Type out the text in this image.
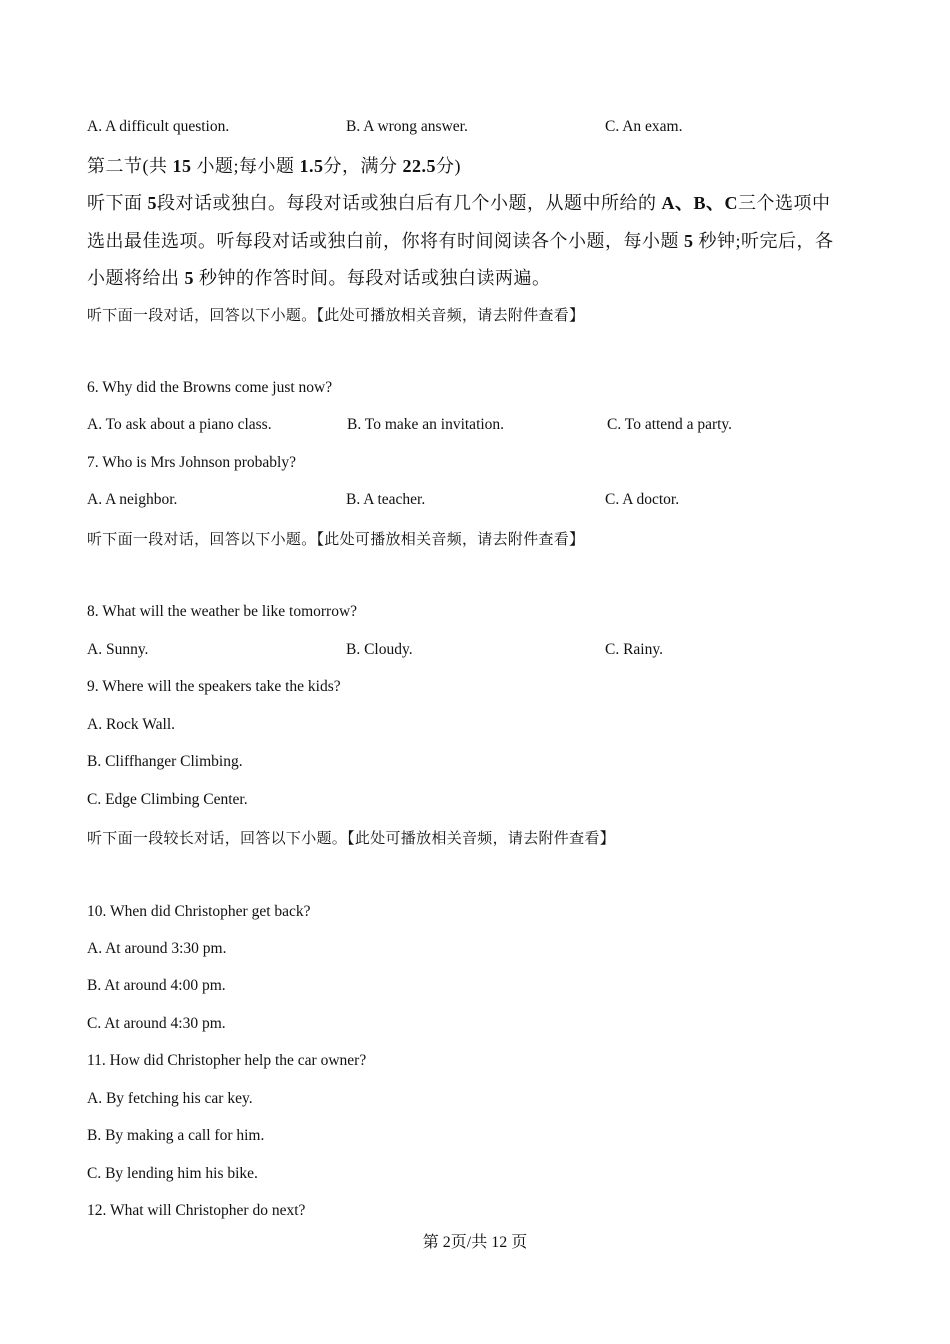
A. A difficult question.	B. A wrong answer.	C. An exam.
第二节(共 15 小题;每小题 1.5分，满分 22.5分)
听下面 5段对话或独白。每段对话或独白后有几个小题，从题中所给的 A、B、C三个选项中
选出最佳选项。听每段对话或独白前，你将有时间阅读各个小题，每小题 5 秒钟;听完后，各
小题将给出 5 秒钟的作答时间。每段对话或独白读两遍。
听下面一段对话，回答以下小题。【此处可播放相关音频，请去附件查看】
6. Why did the Browns come just now?
A. To ask about a piano class.	B. To make an invitation.	C. To attend a party.
7. Who is Mrs Johnson probably?
A. A neighbor.	B. A teacher.	C. A doctor.
听下面一段对话，回答以下小题。【此处可播放相关音频，请去附件查看】
8. What will the weather be like tomorrow?
A. Sunny.	B. Cloudy.	C. Rainy.
9. Where will the speakers take the kids?
A. Rock Wall.
B. Cliffhanger Climbing.
C. Edge Climbing Center.
听下面一段较长对话，回答以下小题。【此处可播放相关音频，请去附件查看】
10. When did Christopher get back?
A. At around 3:30 pm.
B. At around 4:00 pm.
C. At around 4:30 pm.
11. How did Christopher help the car owner?
A. By fetching his car key.
B. By making a call for him.
C. By lending him his bike.
12. What will Christopher do next?
第 2页/共 12 页
